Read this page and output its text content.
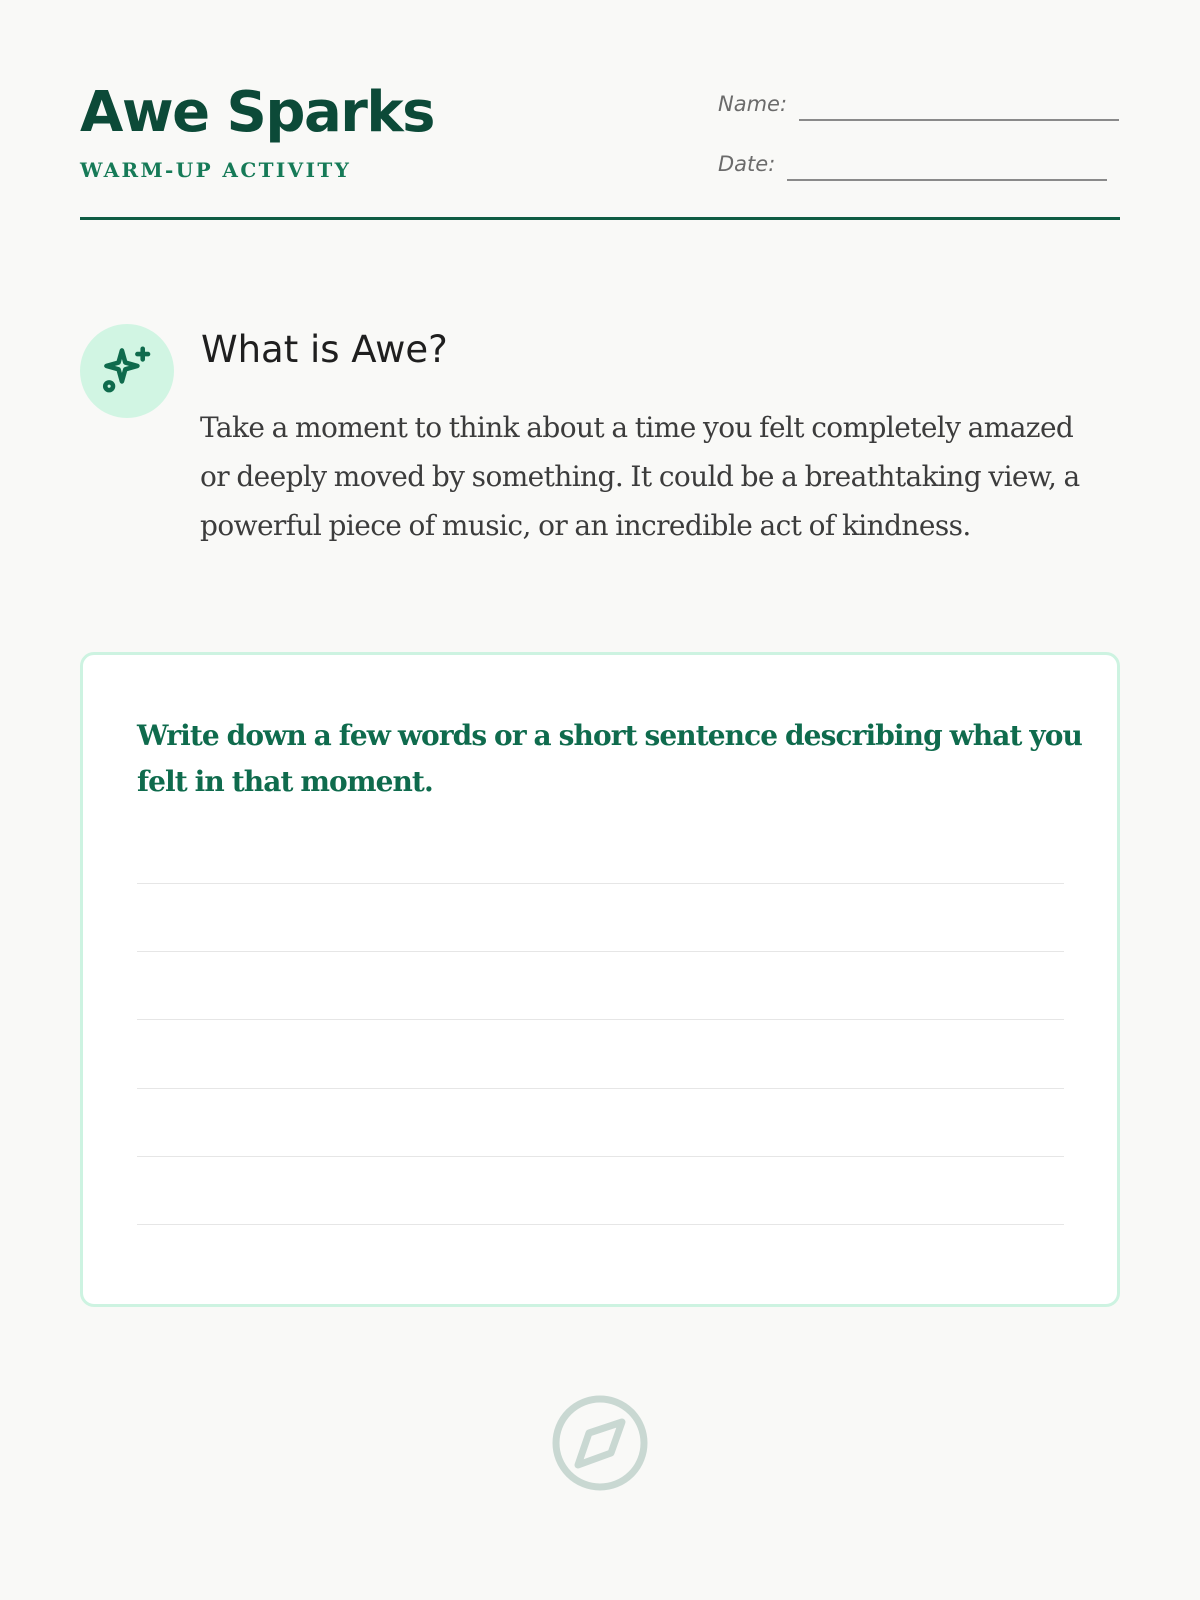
Awe Sparks
WARM-UP ACTIVITY
Name:
Date:
What is Awe?

Take a moment to think about a time you felt completely amazed or deeply moved by something. It could be a breathtaking view, a powerful piece of music, or an incredible act of kindness.

Write down a few words or a short sentence describing what you felt in that moment.
